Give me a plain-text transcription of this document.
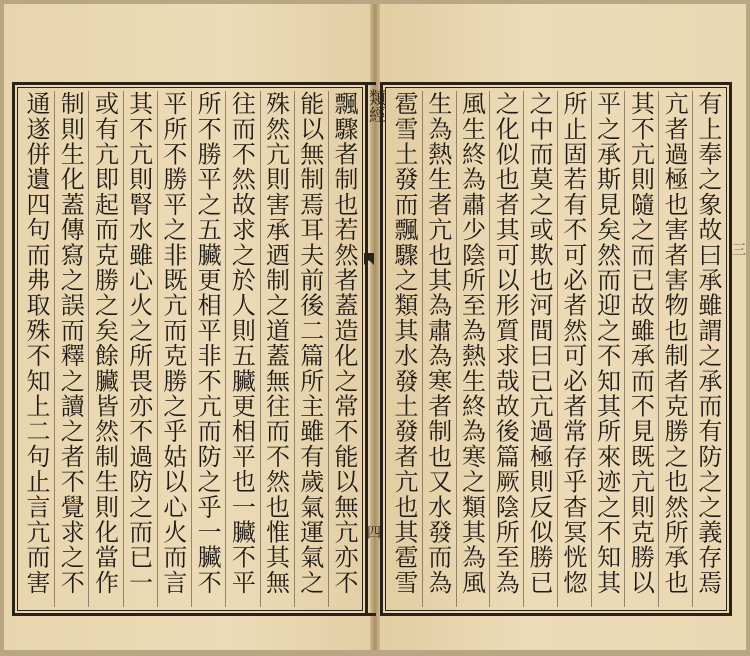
有上奉之象故曰承雖謂之承而有防之之義存焉
亢者過極也害者害物也制者克勝之也然所承也
其不亢則隨之而已故雖承而不見既亢則克勝以
平之承斯見矣然而迎之不知其所來迹之不知其
所止固若有不可必者然可必者常存乎杳冥恍惚
之中而莫之或欺也河間曰已亢過極則反似勝已
之化似也者其可以形質求哉故後篇厥陰所至為
風生終為肅少陰所至為熱生終為寒之類其為風
生為熱生者亢也其為肅為寒者制也又水發而為
雹雪土發而飄驟之類其水發土發者亢也其雹雪
飄驟者制也若然者蓋造化之常不能以無亢亦不
能以無制焉耳夫前後二篇所主雖有歲氣運氣之
殊然亢則害承迺制之道蓋無往而不然也惟其無
往而不然故求之於人則五臟更相平也一臟不平
所不勝平之五臟更相平非不亢而防之乎一臟不
平所不勝平之非既亢而克勝之乎姑以心火而言
其不亢則腎水雖心火之所畏亦不過防之而已一
或有亢即起而克勝之矣餘臟皆然制生則化當作
制則生化蓋傳寫之誤而釋之讀之者不覺求之不
通遂併遺四句而弗取殊不知上二句止言亢而害	類經
四
三
